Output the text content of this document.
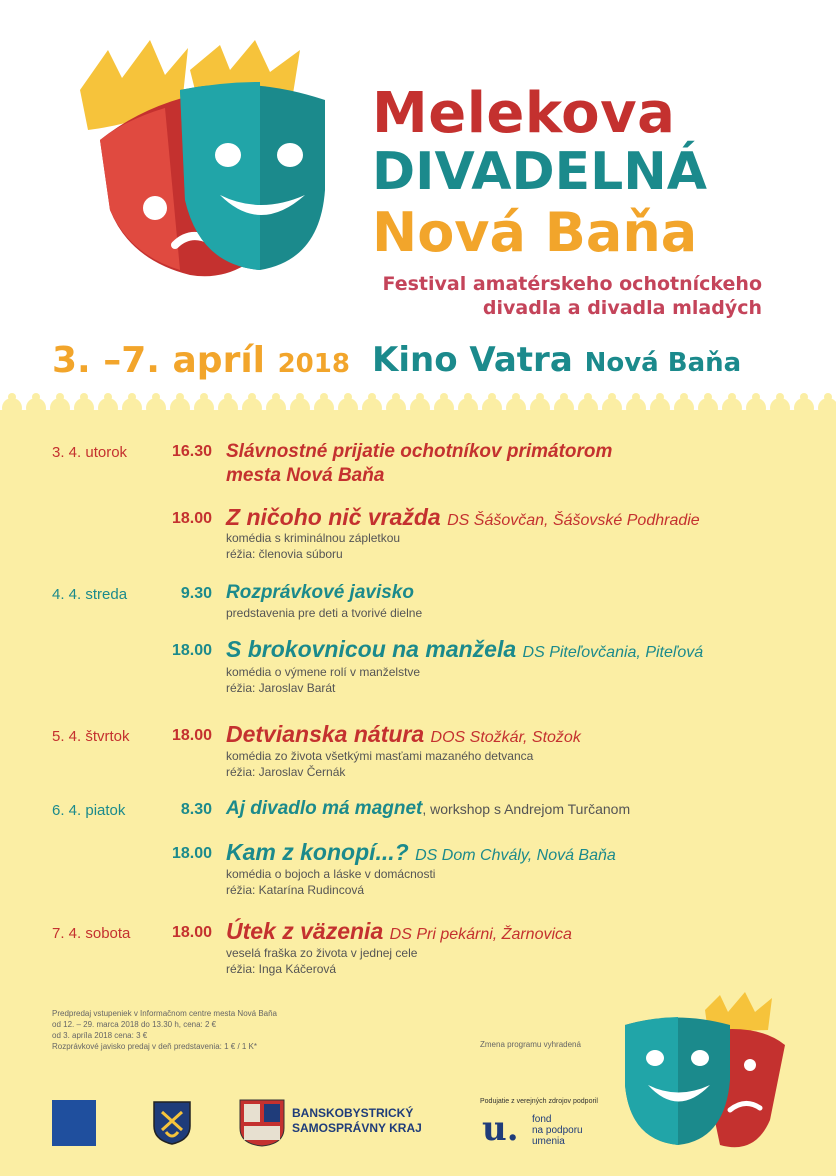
Melekova
DIVADELNÁ
Nová Baňa
Festival amatérskeho ochotníckeho
divadla a divadla mladých
3. –7. apríl 2018 Kino Vatra Nová Baňa
3. 4. utorok	16.30 Slávnostné prijatie ochotníkov primátorom
mesta Nová Baňa
18.00 Z ničoho nič vražda DS Šášovčan, Šášovské Podhradie
komédia s kriminálnou zápletkou
réžia: členovia súboru
4. 4. streda	9.30 Rozprávkové javisko
predstavenia pre deti a tvorivé dielne
18.00 S brokovnicou na manžela DS Piteľovčania, Piteľová
komédia o výmene rolí v manželstve
réžia: Jaroslav Barát
5. 4. štvrtok	18.00 Detvianska nátura DOS Stožkár, Stožok
komédia zo života všetkými masťami mazaného detvanca
réžia: Jaroslav Černák
6. 4. piatok	8.30 Aj divadlo má magnet, workshop s Andrejom Turčanom
18.00 Kam z konopí...? DS Dom Chvály, Nová Baňa
komédia o bojoch a láske v domácnosti
réžia: Katarína Rudincová
7. 4. sobota	18.00 Útek z väzenia DS Pri pekárni, Žarnovica
veselá fraška zo života v jednej cele
réžia: Inga Káčerová
Predpredaj vstupeniek v Informačnom centre mesta Nová Baňa
od 12. – 29. marca 2018 do 13.30 h, cena: 2 €
od 3. apríla 2018 cena: 3 €
Rozprávkové javisko predaj v deň predstavenia: 1 € / 1 K*	Zmena programu vyhradená
BANSKOBYSTRICKÝ
SAMOSPRÁVNY KRAJ
Podujatie z verejných zdrojov podporil
u. fond
na podporu
umenia
